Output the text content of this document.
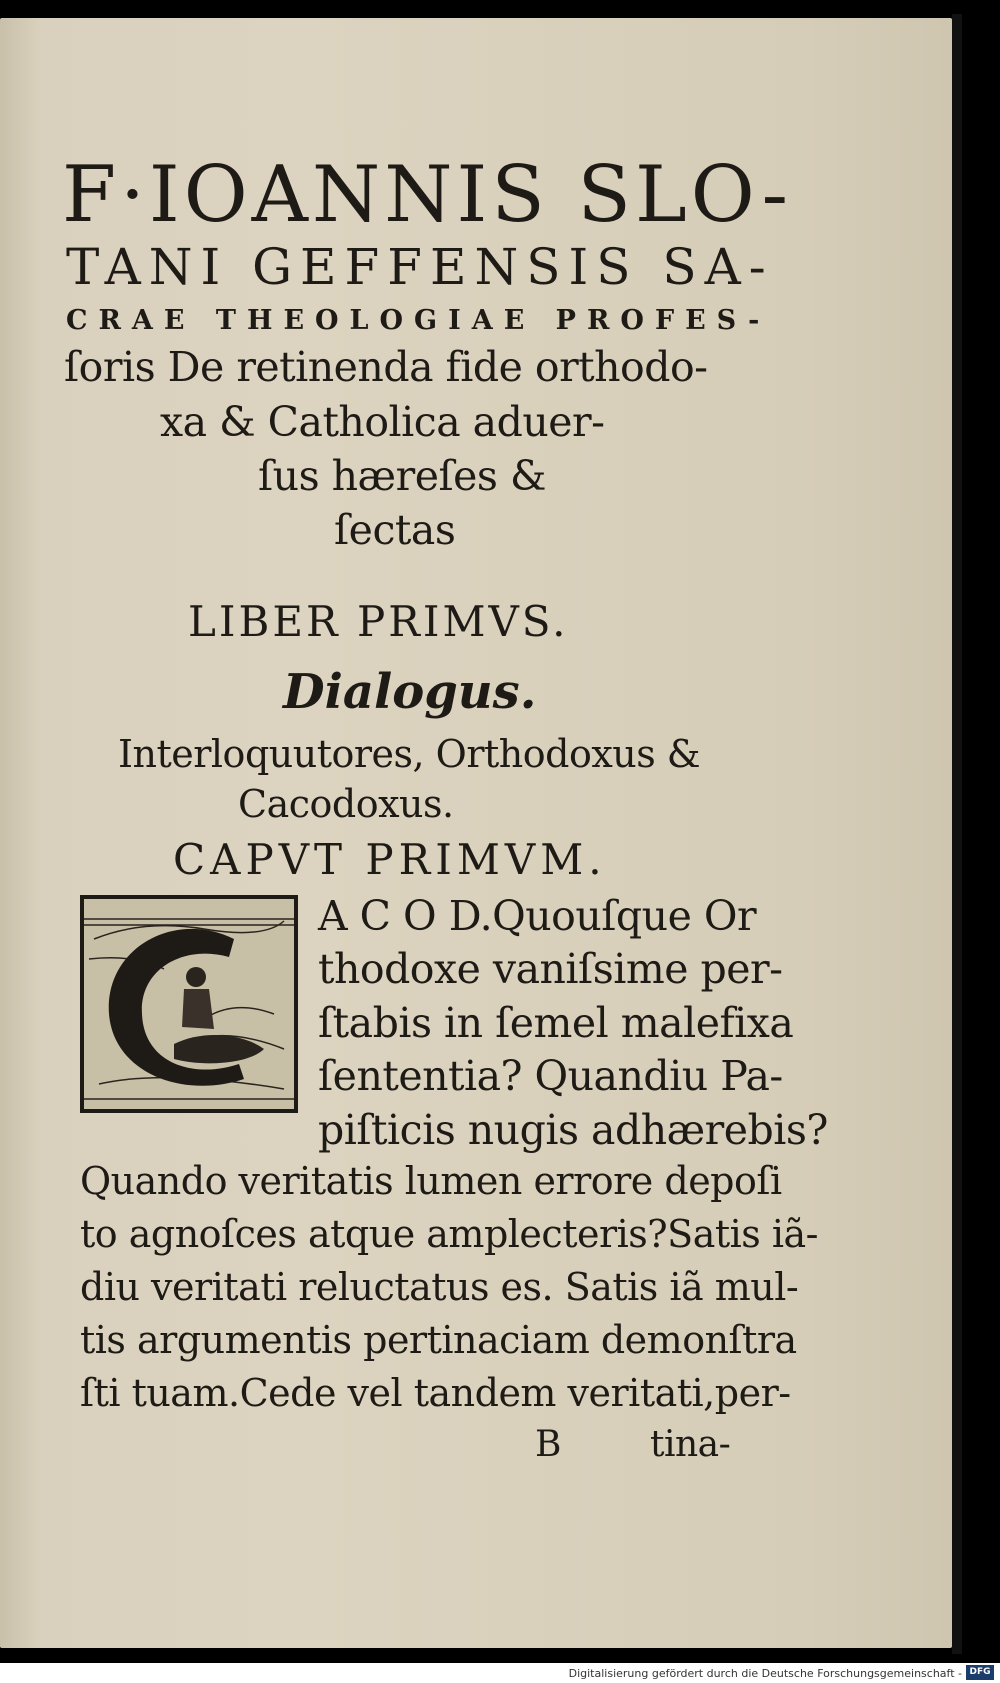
F·IOANNIS SLO-
TANI GEFFENSIS SA-
CRAE THEOLOGIAE PROFES-
ſoris De retinenda fide orthodo-
xa & Catholica aduer-
ſus hæreſes &
ſectas
LIBER PRIMVS.
Dialogus.
Interloquutores, Orthodoxus &
Cacodoxus.
CAPVT PRIMVM.
A C O D.Quouſque Or
thodoxe vaniſsime per-
ſtabis in ſemel malefixa
ſententia? Quandiu Pa-
piſticis nugis adhærebis?
Quando veritatis lumen errore depoſi
to agnoſces atque amplecteris?Satis iã-
diu veritati reluctatus es. Satis iã mul-
tis argumentis pertinaciam demonſtra
ſti tuam.Cede vel tandem veritati,per-
B tina-
Digitalisierung gefördert durch die Deutsche Forschungsgemeinschaft - DFG
